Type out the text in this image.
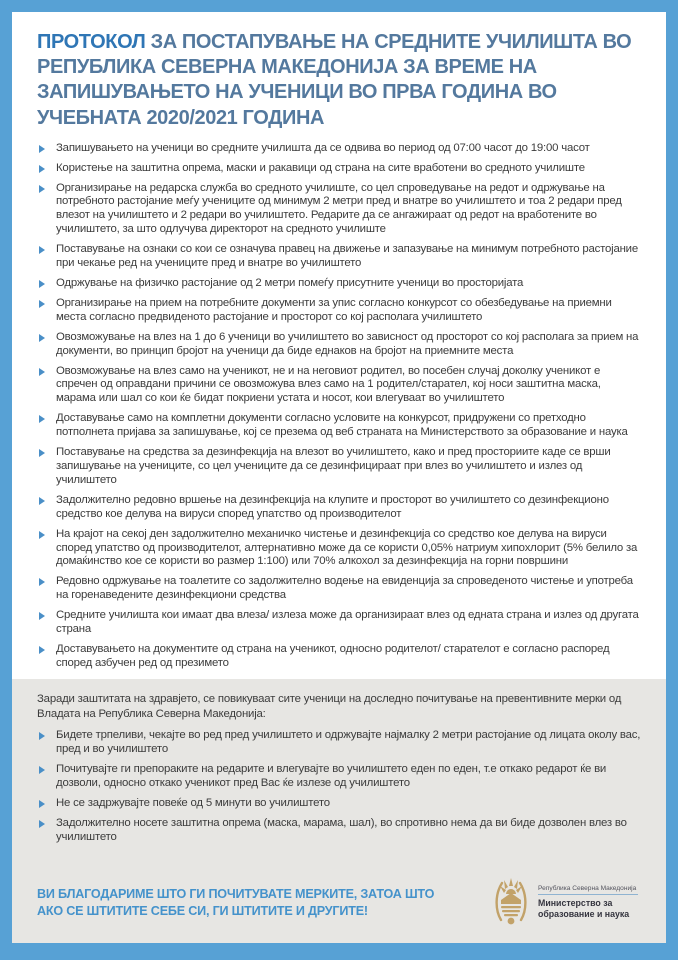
ПРОТОКОЛ ЗА ПОСТАПУВАЊЕ НА СРЕДНИТЕ УЧИЛИШТА ВО РЕПУБЛИКА СЕВЕРНА МАКЕДОНИЈА ЗА ВРЕМЕ НА ЗАПИШУВАЊЕТО НА УЧЕНИЦИ ВО ПРВА ГОДИНА ВО УЧЕБНАТА 2020/2021 ГОДИНА
Запишувањето на ученици во средните училишта да се одвива во период од 07:00 часот до 19:00 часот
Користење на заштитна опрема, маски и ракавици од страна на сите вработени во средното училиште
Организирање на редарска служба во средното училиште, со цел спроведување на редот и одржување на потребното растојание меѓу учениците од минимум 2 метри пред и внатре во училиштето и тоа 2 редари пред влезот на училиштето и 2 редари во училиштето. Редарите да се ангажираат од редот на вработените во училиштето, за што одлучува директорот на средното училиште
Поставување на ознаки со кои се означува правец на движење и запазување на минимум потребното растојание при чекање ред на учениците пред и внатре во училиштето
Одржување на физичко растојание од 2 метри помеѓу присутните ученици во просторијата
Организирање на прием на потребните документи за упис согласно конкурсот со обезбедување на приемни места согласно предвиденото растојание и просторот со кој располага училиштето
Овозможување на влез на 1 до 6 ученици во училиштето во зависност од просторот со кој располага за прием на документи, во принцип бројот на ученици да биде еднаков на бројот на приемните места
Овозможување на влез само на ученикот, не и на неговиот родител, во посебен случај доколку ученикот е спречен од оправдани причини се овозможува влез само на 1 родител/старател, кој носи заштитна маска, марама или шал со кои ќе бидат покриени устата и носот, кои влегуваат во училиштето
Доставување само на комплетни документи согласно условите на конкурсот, придружени со претходно потполнета пријава за запишување, кој се презема од веб страната на Министерството за образование и наука
Поставување на средства за дезинфекција на влезот во училиштето, како и пред просториите каде се врши запишување на учениците, со цел учениците да се дезинфицираат при влез во училиштето и излез од училиштето
Задолжително редовно вршење на дезинфекција на клупите и просторот во училиштето со дезинфекционо средство кое делува на вируси според упатство од производителот
На крајот на секој ден задолжително механичко чистење и дезинфекција со средство кое делува на вируси според упатство од производителот, алтернативно може да се користи 0,05% натриум хипохлорит (5% белило за домаќинство кое се користи во размер 1:100) или 70% алкохол за дезинфекција на горни површини
Редовно одржување на тоалетите со задолжително водење на евиденција за спроведеното чистење и употреба на горенаведените дезинфекциони средства
Средните училишта кои имаат два влеза/ излеза може да организираат влез од едната страна и излез од другата страна
Доставувањето на документите од страна на ученикот, односно родителот/ старателот е согласно распоред според азбучен ред од презимето

Заради заштитата на здравјето, се повикуваат сите ученици на доследно почитување на превентивните мерки од Владата на Република Северна Македонија:

Бидете трпеливи, чекајте во ред пред училиштето и одржувајте најмалку 2 метри растојание од лицата околу вас, пред и во училиштето
Почитувајте ги препораките на редарите и влегувајте во училиштето еден по еден, т.е откако редарот ќе ви дозволи, односно откако ученикот пред Вас ќе излезе од училиштето
Не се задржувајте повеќе од 5 минути во училиштето
Задолжително носете заштитна опрема (маска, марама, шал), во спротивно нема да ви биде дозволен влез во училиштето
ВИ БЛАГОДАРИМЕ ШТО ГИ ПОЧИТУВАТЕ МЕРКИТЕ, ЗАТОА ШТО АКО СЕ ШТИТИТЕ СЕБЕ СИ, ГИ ШТИТИТЕ И ДРУГИТЕ!
Република Северна Македонија
Министерство за образование и наука
